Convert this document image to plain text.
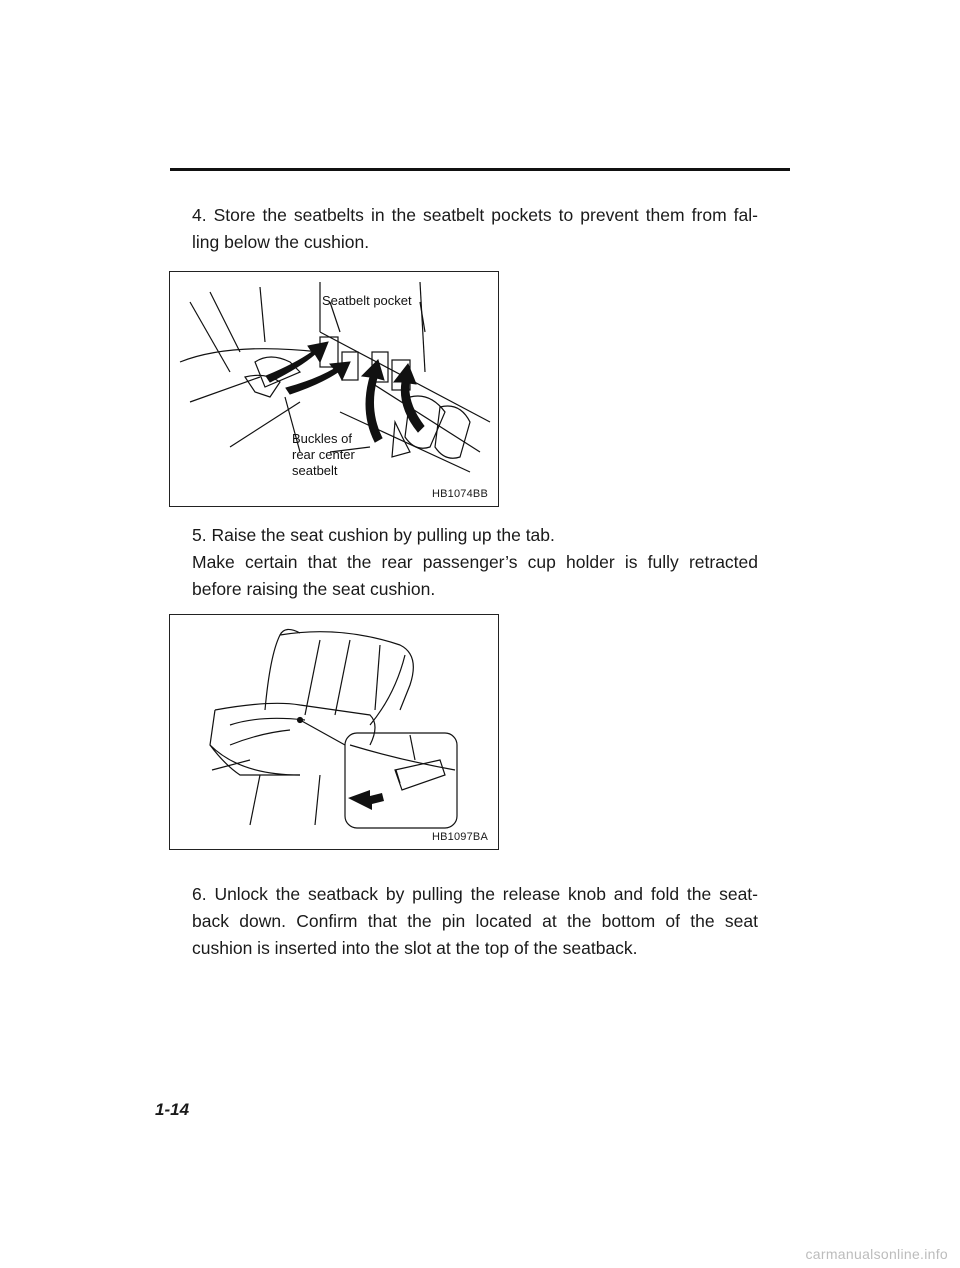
4. Store the seatbelts in the seatbelt pockets to prevent them from fal-ling below the cushion.

Seatbelt pocket
Buckles of
rear center
seatbelt
HB1074BB

5. Raise the seat cushion by pulling up the tab.

Make certain that the rear passenger’s cup holder is fully retracted before raising the seat cushion.

HB1097BA

6. Unlock the seatback by pulling the release knob and fold the seat-back down. Confirm that the pin located at the bottom of the seat cushion is inserted into the slot at the top of the seatback.

1-14
carmanualsonline.info
